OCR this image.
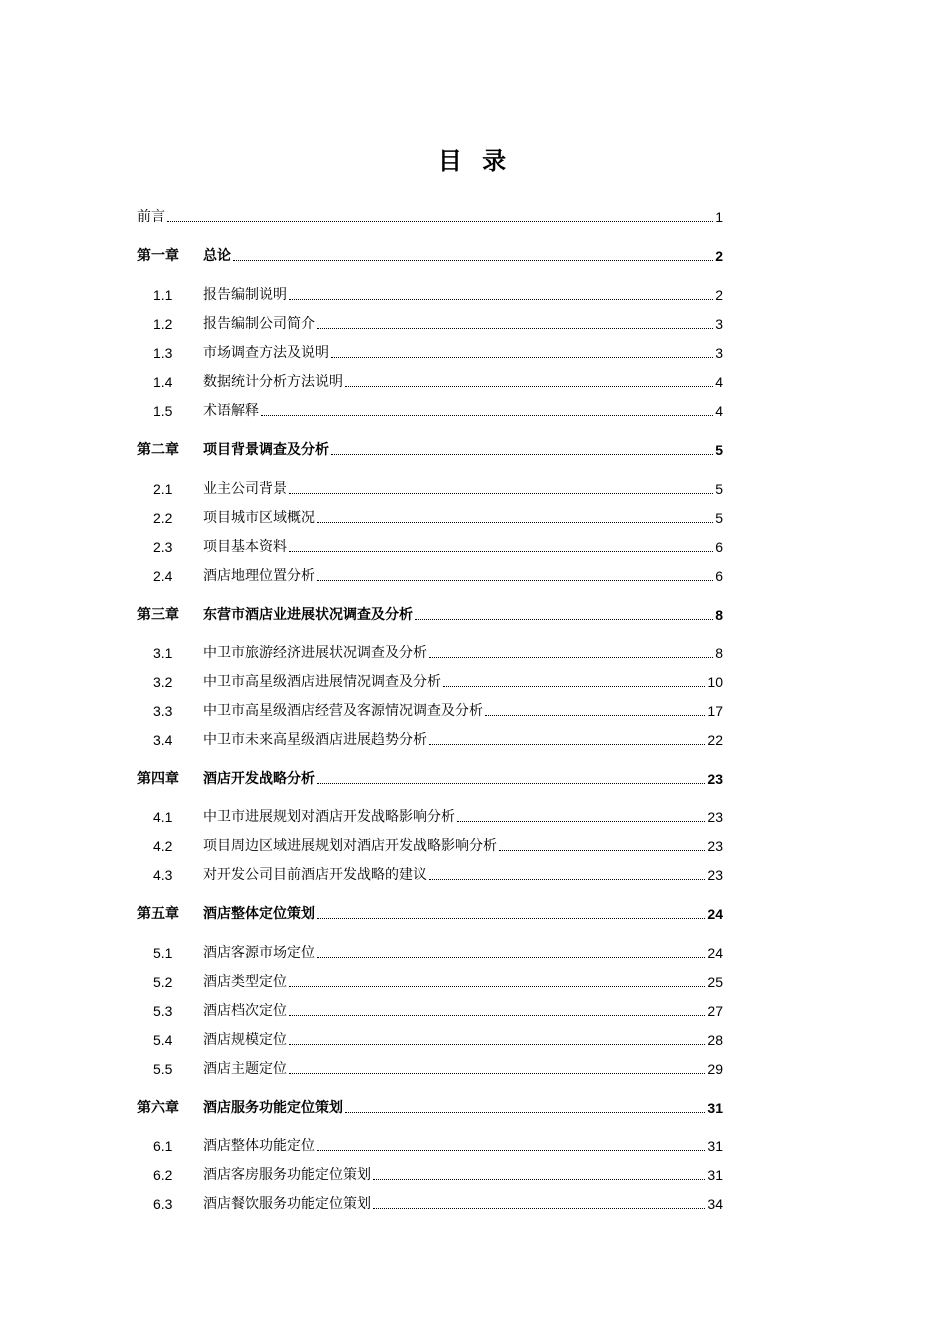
目 录
前言	1
第一章	总论	2
1.1	报告编制说明	2
1.2	报告编制公司简介	3
1.3	市场调查方法及说明	3
1.4	数据统计分析方法说明	4
1.5	术语解释	4
第二章	项目背景调查及分析	5
2.1	业主公司背景	5
2.2	项目城市区域概况	5
2.3	项目基本资料	6
2.4	酒店地理位置分析	6
第三章	东营市酒店业进展状况调查及分析	8
3.1	中卫市旅游经济进展状况调查及分析	8
3.2	中卫市高星级酒店进展情况调查及分析	10
3.3	中卫市高星级酒店经营及客源情况调查及分析	17
3.4	中卫市未来高星级酒店进展趋势分析	22
第四章	酒店开发战略分析	23
4.1	中卫市进展规划对酒店开发战略影响分析	23
4.2	项目周边区域进展规划对酒店开发战略影响分析	23
4.3	对开发公司目前酒店开发战略的建议	23
第五章	酒店整体定位策划	24
5.1	酒店客源市场定位	24
5.2	酒店类型定位	25
5.3	酒店档次定位	27
5.4	酒店规模定位	28
5.5	酒店主题定位	29
第六章	酒店服务功能定位策划	31
6.1	酒店整体功能定位	31
6.2	酒店客房服务功能定位策划	31
6.3	酒店餐饮服务功能定位策划	34
